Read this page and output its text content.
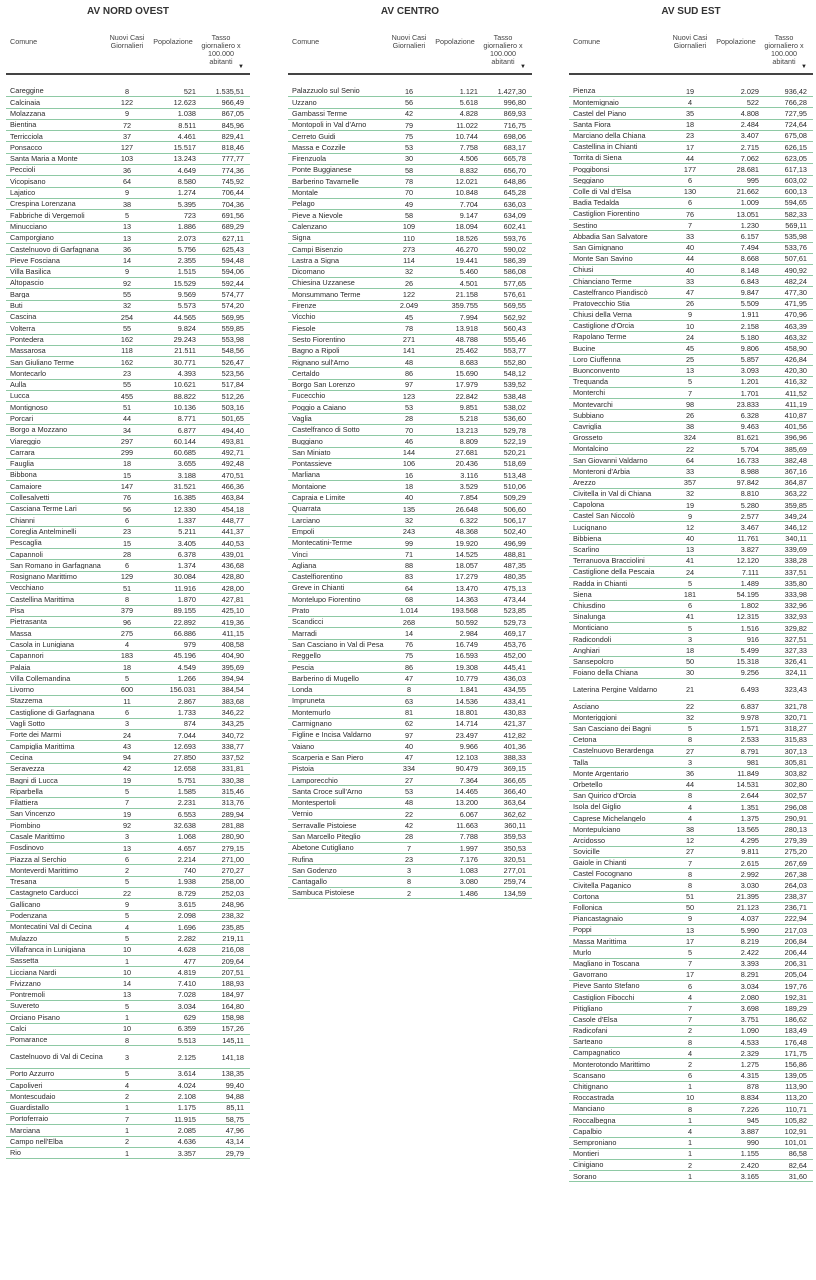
AV NORD OVEST
Comune	Nuovi Casi Giornalieri	Popolazione	Tasso giornaliero x 100.000 abitanti
▼
Careggine	8	521	1.535,51
Calcinaia	122	12.623	966,49
Molazzana	9	1.038	867,05
Bientina	72	8.511	845,96
Terricciola	37	4.461	829,41
Ponsacco	127	15.517	818,46
Santa Maria a Monte	103	13.243	777,77
Peccioli	36	4.649	774,36
Vicopisano	64	8.580	745,92
Lajatico	9	1.274	706,44
Crespina Lorenzana	38	5.395	704,36
Fabbriche di Vergemoli	5	723	691,56
Minucciano	13	1.886	689,29
Camporgiano	13	2.073	627,11
Castelnuovo di Garfagnana	36	5.756	625,43
Pieve Fosciana	14	2.355	594,48
Villa Basilica	9	1.515	594,06
Altopascio	92	15.529	592,44
Barga	55	9.569	574,77
Buti	32	5.573	574,20
Cascina	254	44.565	569,95
Volterra	55	9.824	559,85
Pontedera	162	29.243	553,98
Massarosa	118	21.511	548,56
San Giuliano Terme	162	30.771	526,47
Montecarlo	23	4.393	523,56
Aulla	55	10.621	517,84
Lucca	455	88.822	512,26
Montignoso	51	10.136	503,16
Porcari	44	8.771	501,65
Borgo a Mozzano	34	6.877	494,40
Viareggio	297	60.144	493,81
Carrara	299	60.685	492,71
Fauglia	18	3.655	492,48
Bibbona	15	3.188	470,51
Camaiore	147	31.521	466,36
Collesalvetti	76	16.385	463,84
Casciana Terme Lari	56	12.330	454,18
Chianni	6	1.337	448,77
Coreglia Antelminelli	23	5.211	441,37
Pescaglia	15	3.405	440,53
Capannoli	28	6.378	439,01
San Romano in Garfagnana	6	1.374	436,68
Rosignano Marittimo	129	30.084	428,80
Vecchiano	51	11.916	428,00
Castellina Marittima	8	1.870	427,81
Pisa	379	89.155	425,10
Pietrasanta	96	22.892	419,36
Massa	275	66.886	411,15
Casola in Lunigiana	4	979	408,58
Capannori	183	45.196	404,90
Palaia	18	4.549	395,69
Villa Collemandina	5	1.266	394,94
Livorno	600	156.031	384,54
Stazzema	11	2.867	383,68
Castiglione di Garfagnana	6	1.733	346,22
Vagli Sotto	3	874	343,25
Forte dei Marmi	24	7.044	340,72
Campiglia Marittima	43	12.693	338,77
Cecina	94	27.850	337,52
Seravezza	42	12.658	331,81
Bagni di Lucca	19	5.751	330,38
Riparbella	5	1.585	315,46
Filattiera	7	2.231	313,76
San Vincenzo	19	6.553	289,94
Piombino	92	32.638	281,88
Casale Marittimo	3	1.068	280,90
Fosdinovo	13	4.657	279,15
Piazza al Serchio	6	2.214	271,00
Monteverdi Marittimo	2	740	270,27
Tresana	5	1.938	258,00
Castagneto Carducci	22	8.729	252,03
Gallicano	9	3.615	248,96
Podenzana	5	2.098	238,32
Montecatini Val di Cecina	4	1.696	235,85
Mulazzo	5	2.282	219,11
Villafranca in Lunigiana	10	4.628	216,08
Sassetta	1	477	209,64
Licciana Nardi	10	4.819	207,51
Fivizzano	14	7.410	188,93
Pontremoli	13	7.028	184,97
Suvereto	5	3.034	164,80
Orciano Pisano	1	629	158,98
Calci	10	6.359	157,26
Pomarance	8	5.513	145,11
Castelnuovo di Val di Cecina	3	2.125	141,18
Porto Azzurro	5	3.614	138,35
Capoliveri	4	4.024	99,40
Montescudaio	2	2.108	94,88
Guardistallo	1	1.175	85,11
Portoferraio	7	11.915	58,75
Marciana	1	2.085	47,96
Campo nell'Elba	2	4.636	43,14
Rio	1	3.357	29,79
AV CENTRO
Comune	Nuovi Casi Giornalieri	Popolazione	Tasso giornaliero x 100.000 abitanti
▼
Palazzuolo sul Senio	16	1.121	1.427,30
Uzzano	56	5.618	996,80
Gambassi Terme	42	4.828	869,93
Montopoli in Val d'Arno	79	11.022	716,75
Cerreto Guidi	75	10.744	698,06
Massa e Cozzile	53	7.758	683,17
Firenzuola	30	4.506	665,78
Ponte Buggianese	58	8.832	656,70
Barberino Tavarnelle	78	12.021	648,86
Montale	70	10.848	645,28
Pelago	49	7.704	636,03
Pieve a Nievole	58	9.147	634,09
Calenzano	109	18.094	602,41
Signa	110	18.526	593,76
Campi Bisenzio	273	46.270	590,02
Lastra a Signa	114	19.441	586,39
Dicomano	32	5.460	586,08
Chiesina Uzzanese	26	4.501	577,65
Monsummano Terme	122	21.158	576,61
Firenze	2.049	359.755	569,55
Vicchio	45	7.994	562,92
Fiesole	78	13.918	560,43
Sesto Fiorentino	271	48.788	555,46
Bagno a Ripoli	141	25.462	553,77
Rignano sull'Arno	48	8.683	552,80
Certaldo	86	15.690	548,12
Borgo San Lorenzo	97	17.979	539,52
Fucecchio	123	22.842	538,48
Poggio a Caiano	53	9.851	538,02
Vaglia	28	5.218	536,60
Castelfranco di Sotto	70	13.213	529,78
Buggiano	46	8.809	522,19
San Miniato	144	27.681	520,21
Pontassieve	106	20.436	518,69
Marliana	16	3.116	513,48
Montaione	18	3.529	510,06
Capraia e Limite	40	7.854	509,29
Quarrata	135	26.648	506,60
Larciano	32	6.322	506,17
Empoli	243	48.368	502,40
Montecatini-Terme	99	19.920	496,99
Vinci	71	14.525	488,81
Agliana	88	18.057	487,35
Castelfiorentino	83	17.279	480,35
Greve in Chianti	64	13.470	475,13
Montelupo Fiorentino	68	14.363	473,44
Prato	1.014	193.568	523,85
Scandicci	268	50.592	529,73
Marradi	14	2.984	469,17
San Casciano in Val di Pesa	76	16.749	453,76
Reggello	75	16.593	452,00
Pescia	86	19.308	445,41
Barberino di Mugello	47	10.779	436,03
Londa	8	1.841	434,55
Impruneta	63	14.536	433,41
Montemurlo	81	18.801	430,83
Carmignano	62	14.714	421,37
Figline e Incisa Valdarno	97	23.497	412,82
Vaiano	40	9.966	401,36
Scarperia e San Piero	47	12.103	388,33
Pistoia	334	90.479	369,15
Lamporecchio	27	7.364	366,65
Santa Croce sull'Arno	53	14.465	366,40
Montespertoli	48	13.200	363,64
Vernio	22	6.067	362,62
Serravalle Pistoiese	42	11.663	360,11
San Marcello Piteglio	28	7.788	359,53
Abetone Cutigliano	7	1.997	350,53
Rufina	23	7.176	320,51
San Godenzo	3	1.083	277,01
Cantagallo	8	3.080	259,74
Sambuca Pistoiese	2	1.486	134,59
AV SUD EST
Comune	Nuovi Casi Giornalieri	Popolazione	Tasso giornaliero x 100.000 abitanti
▼
Pienza	19	2.029	936,42
Montemignaio	4	522	766,28
Castel del Piano	35	4.808	727,95
Santa Fiora	18	2.484	724,64
Marciano della Chiana	23	3.407	675,08
Castellina in Chianti	17	2.715	626,15
Torrita di Siena	44	7.062	623,05
Poggibonsi	177	28.681	617,13
Seggiano	6	995	603,02
Colle di Val d'Elsa	130	21.662	600,13
Badia Tedalda	6	1.009	594,65
Castiglion Fiorentino	76	13.051	582,33
Sestino	7	1.230	569,11
Abbadia San Salvatore	33	6.157	535,98
San Gimignano	40	7.494	533,76
Monte San Savino	44	8.668	507,61
Chiusi	40	8.148	490,92
Chianciano Terme	33	6.843	482,24
Castelfranco Piandiscò	47	9.847	477,30
Pratovecchio Stia	26	5.509	471,95
Chiusi della Verna	9	1.911	470,96
Castiglione d'Orcia	10	2.158	463,39
Rapolano Terme	24	5.180	463,32
Bucine	45	9.806	458,90
Loro Ciuffenna	25	5.857	426,84
Buonconvento	13	3.093	420,30
Trequanda	5	1.201	416,32
Monterchi	7	1.701	411,52
Montevarchi	98	23.833	411,19
Subbiano	26	6.328	410,87
Cavriglia	38	9.463	401,56
Grosseto	324	81.621	396,96
Montalcino	22	5.704	385,69
San Giovanni Valdarno	64	16.733	382,48
Monteroni d'Arbia	33	8.988	367,16
Arezzo	357	97.842	364,87
Civitella in Val di Chiana	32	8.810	363,22
Capolona	19	5.280	359,85
Castel San Niccolò	9	2.577	349,24
Lucignano	12	3.467	346,12
Bibbiena	40	11.761	340,11
Scarlino	13	3.827	339,69
Terranuova Bracciolini	41	12.120	338,28
Castiglione della Pescaia	24	7.111	337,51
Radda in Chianti	5	1.489	335,80
Siena	181	54.195	333,98
Chiusdino	6	1.802	332,96
Sinalunga	41	12.315	332,93
Monticiano	5	1.516	329,82
Radicondoli	3	916	327,51
Anghiari	18	5.499	327,33
Sansepolcro	50	15.318	326,41
Foiano della Chiana	30	9.256	324,11
Laterina Pergine Valdarno	21	6.493	323,43
Asciano	22	6.837	321,78
Monteriggioni	32	9.978	320,71
San Casciano dei Bagni	5	1.571	318,27
Cetona	8	2.533	315,83
Castelnuovo Berardenga	27	8.791	307,13
Talla	3	981	305,81
Monte Argentario	36	11.849	303,82
Orbetello	44	14.531	302,80
San Quirico d'Orcia	8	2.644	302,57
Isola del Giglio	4	1.351	296,08
Caprese Michelangelo	4	1.375	290,91
Montepulciano	38	13.565	280,13
Arcidosso	12	4.295	279,39
Sovicille	27	9.811	275,20
Gaiole in Chianti	7	2.615	267,69
Castel Focognano	8	2.992	267,38
Civitella Paganico	8	3.030	264,03
Cortona	51	21.395	238,37
Follonica	50	21.123	236,71
Piancastagnaio	9	4.037	222,94
Poppi	13	5.990	217,03
Massa Marittima	17	8.219	206,84
Murlo	5	2.422	206,44
Magliano in Toscana	7	3.393	206,31
Gavorrano	17	8.291	205,04
Pieve Santo Stefano	6	3.034	197,76
Castiglion Fibocchi	4	2.080	192,31
Pitigliano	7	3.698	189,29
Casole d'Elsa	7	3.751	186,62
Radicofani	2	1.090	183,49
Sarteano	8	4.533	176,48
Campagnatico	4	2.329	171,75
Monterotondo Marittimo	2	1.275	156,86
Scansano	6	4.315	139,05
Chitignano	1	878	113,90
Roccastrada	10	8.834	113,20
Manciano	8	7.226	110,71
Roccalbegna	1	945	105,82
Capalbio	4	3.887	102,91
Semproniano	1	990	101,01
Montieri	1	1.155	86,58
Cinigiano	2	2.420	82,64
Sorano	1	3.165	31,60
